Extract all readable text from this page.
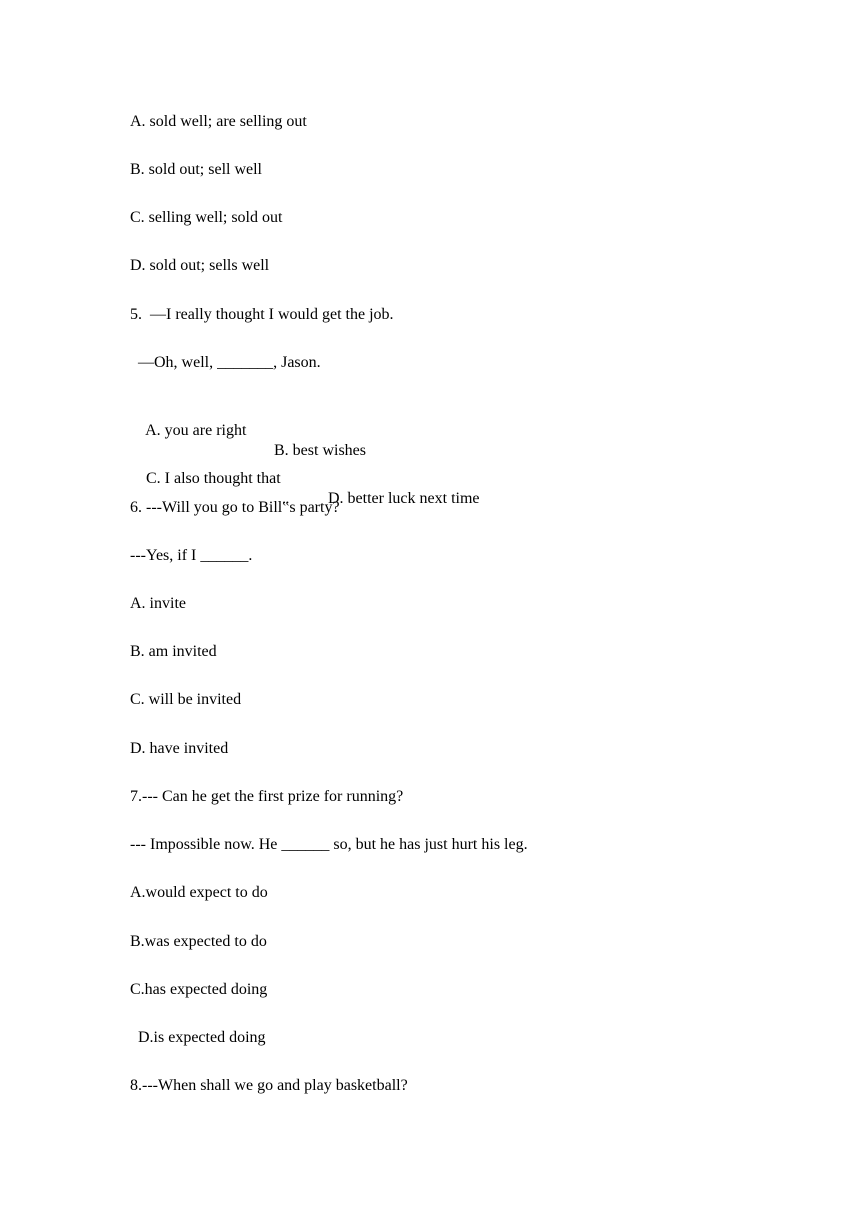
A. sold well; are selling out
B. sold out; sell well
C. selling well; sold out
D. sold out; sells well
5.  —I really thought I would get the job.
—Oh, well, _______, Jason.

A. you are right

B. best wishes

C. I also thought that

D. better luck next time

6. ---Will you go to Bill‟s party?
---Yes, if I ______.
A. invite
B. am invited
C. will be invited
D. have invited
7.--- Can he get the first prize for running?
--- Impossible now. He ______ so, but he has just hurt his leg.
A.would expect to do
B.was expected to do
C.has expected doing
D.is expected doing
8.---When shall we go and play basketball?
